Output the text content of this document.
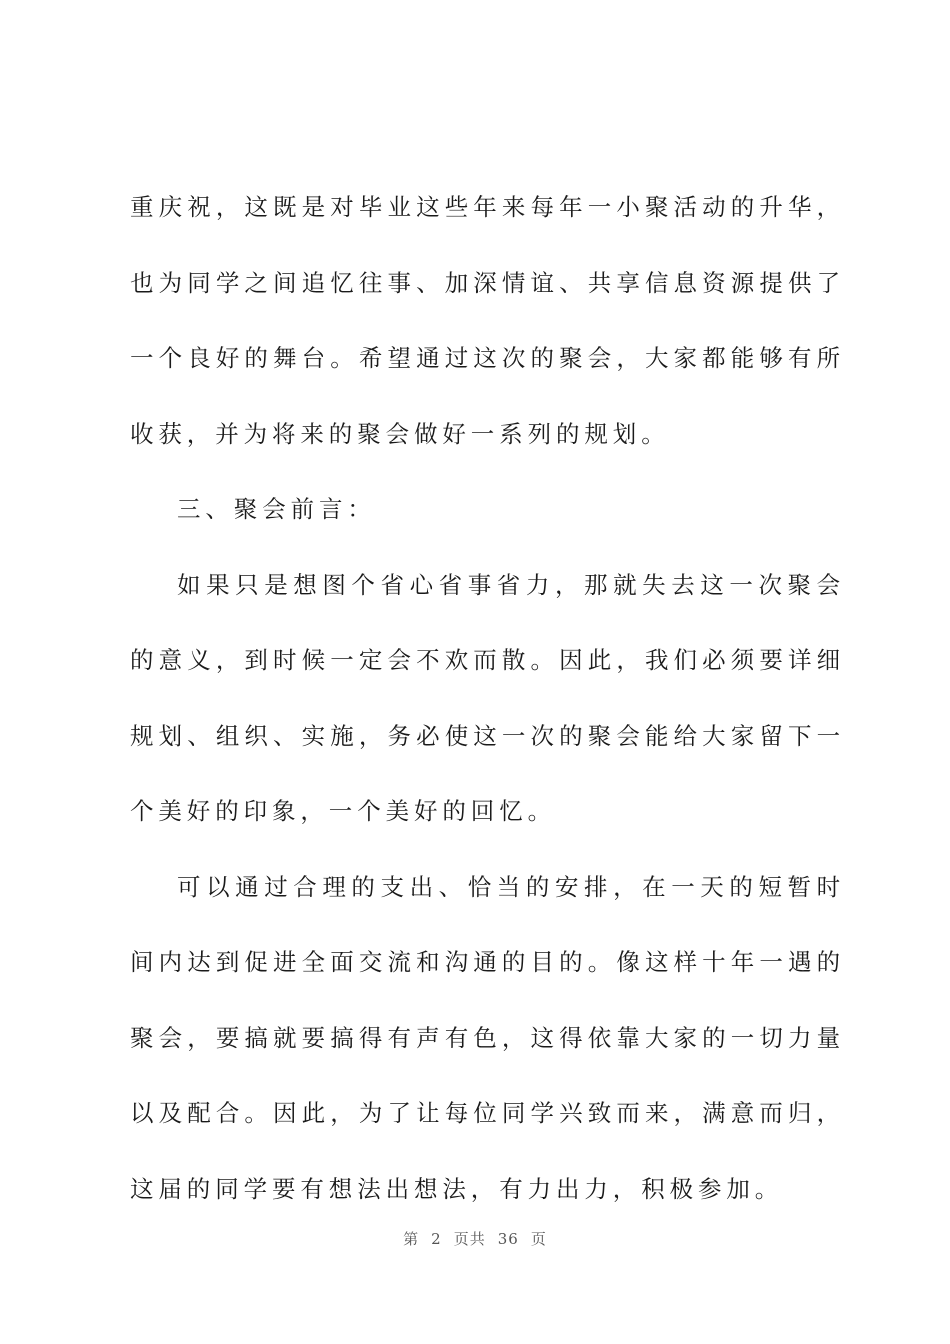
重庆祝，这既是对毕业这些年来每年一小聚活动的升华，也为同学之间追忆往事、加深情谊、共享信息资源提供了一个良好的舞台。希望通过这次的聚会，大家都能够有所收获，并为将来的聚会做好一系列的规划。

三、聚会前言：

如果只是想图个省心省事省力，那就失去这一次聚会的意义，到时候一定会不欢而散。因此，我们必须要详细规划、组织、实施，务必使这一次的聚会能给大家留下一个美好的印象，一个美好的回忆。

可以通过合理的支出、恰当的安排，在一天的短暂时间内达到促进全面交流和沟通的目的。像这样十年一遇的聚会，要搞就要搞得有声有色，这得依靠大家的一切力量以及配合。因此，为了让每位同学兴致而来，满意而归，这届的同学要有想法出想法，有力出力，积极参加。

第 2 页共 36 页
